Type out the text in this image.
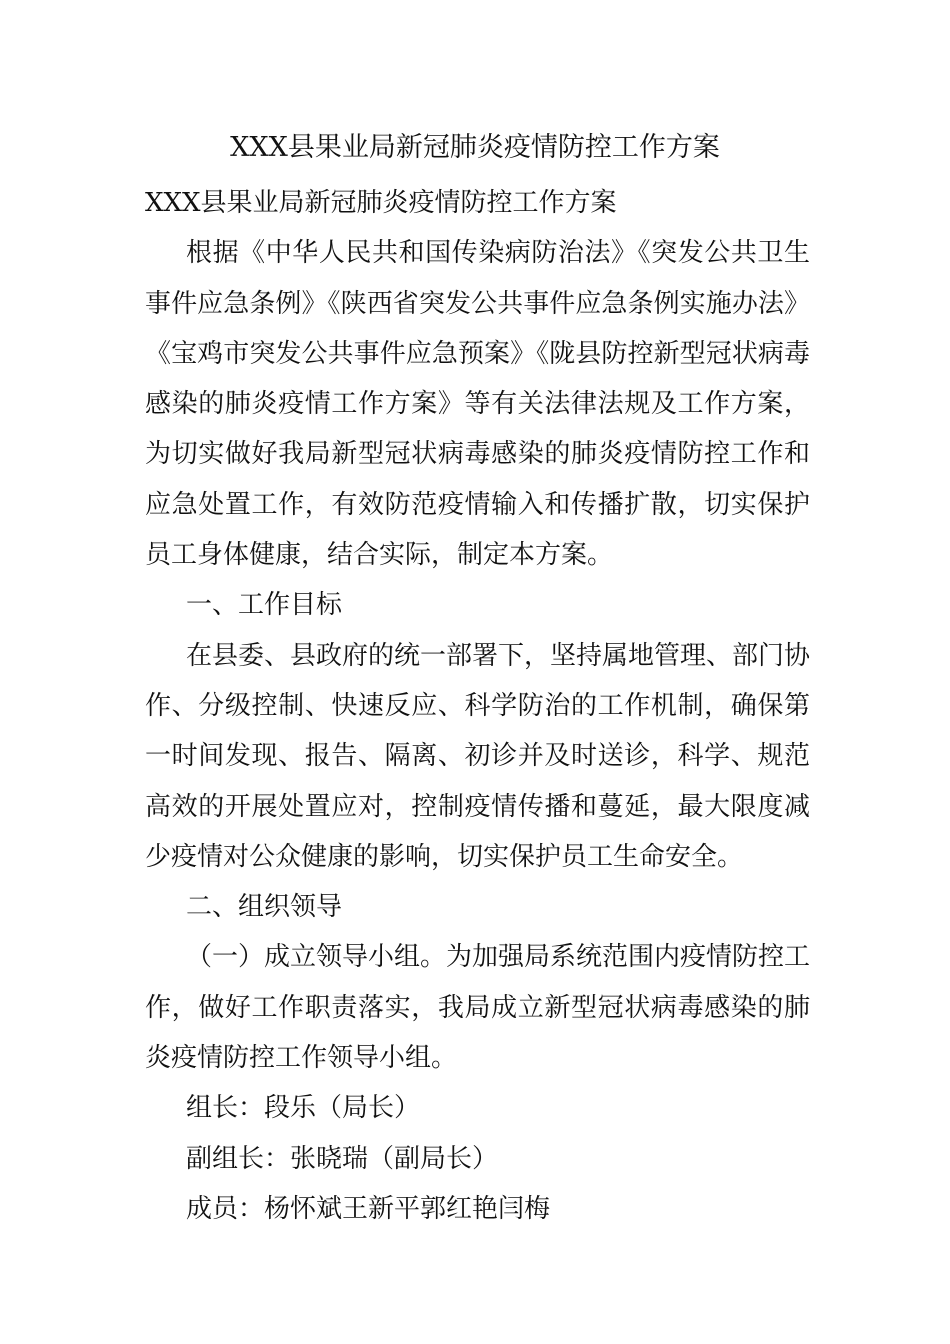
XXX县果业局新冠肺炎疫情防控工作方案

XXX县果业局新冠肺炎疫情防控工作方案

根据《中华人民共和国传染病防治法》《突发公共卫生事件应急条例》《陕西省突发公共事件应急条例实施办法》《宝鸡市突发公共事件应急预案》《陇县防控新型冠状病毒感染的肺炎疫情工作方案》等有关法律法规及工作方案，为切实做好我局新型冠状病毒感染的肺炎疫情防控工作和应急处置工作，有效防范疫情输入和传播扩散，切实保护员工身体健康，结合实际，制定本方案。

一、工作目标

在县委、县政府的统一部署下，坚持属地管理、部门协作、分级控制、快速反应、科学防治的工作机制，确保第一时间发现、报告、隔离、初诊并及时送诊，科学、规范高效的开展处置应对，控制疫情传播和蔓延，最大限度减少疫情对公众健康的影响，切实保护员工生命安全。

二、组织领导

（一）成立领导小组。为加强局系统范围内疫情防控工作，做好工作职责落实，我局成立新型冠状病毒感染的肺炎疫情防控工作领导小组。

组长：段乐（局长）

副组长：张晓瑞（副局长）

成员：杨怀斌王新平郭红艳闫梅
